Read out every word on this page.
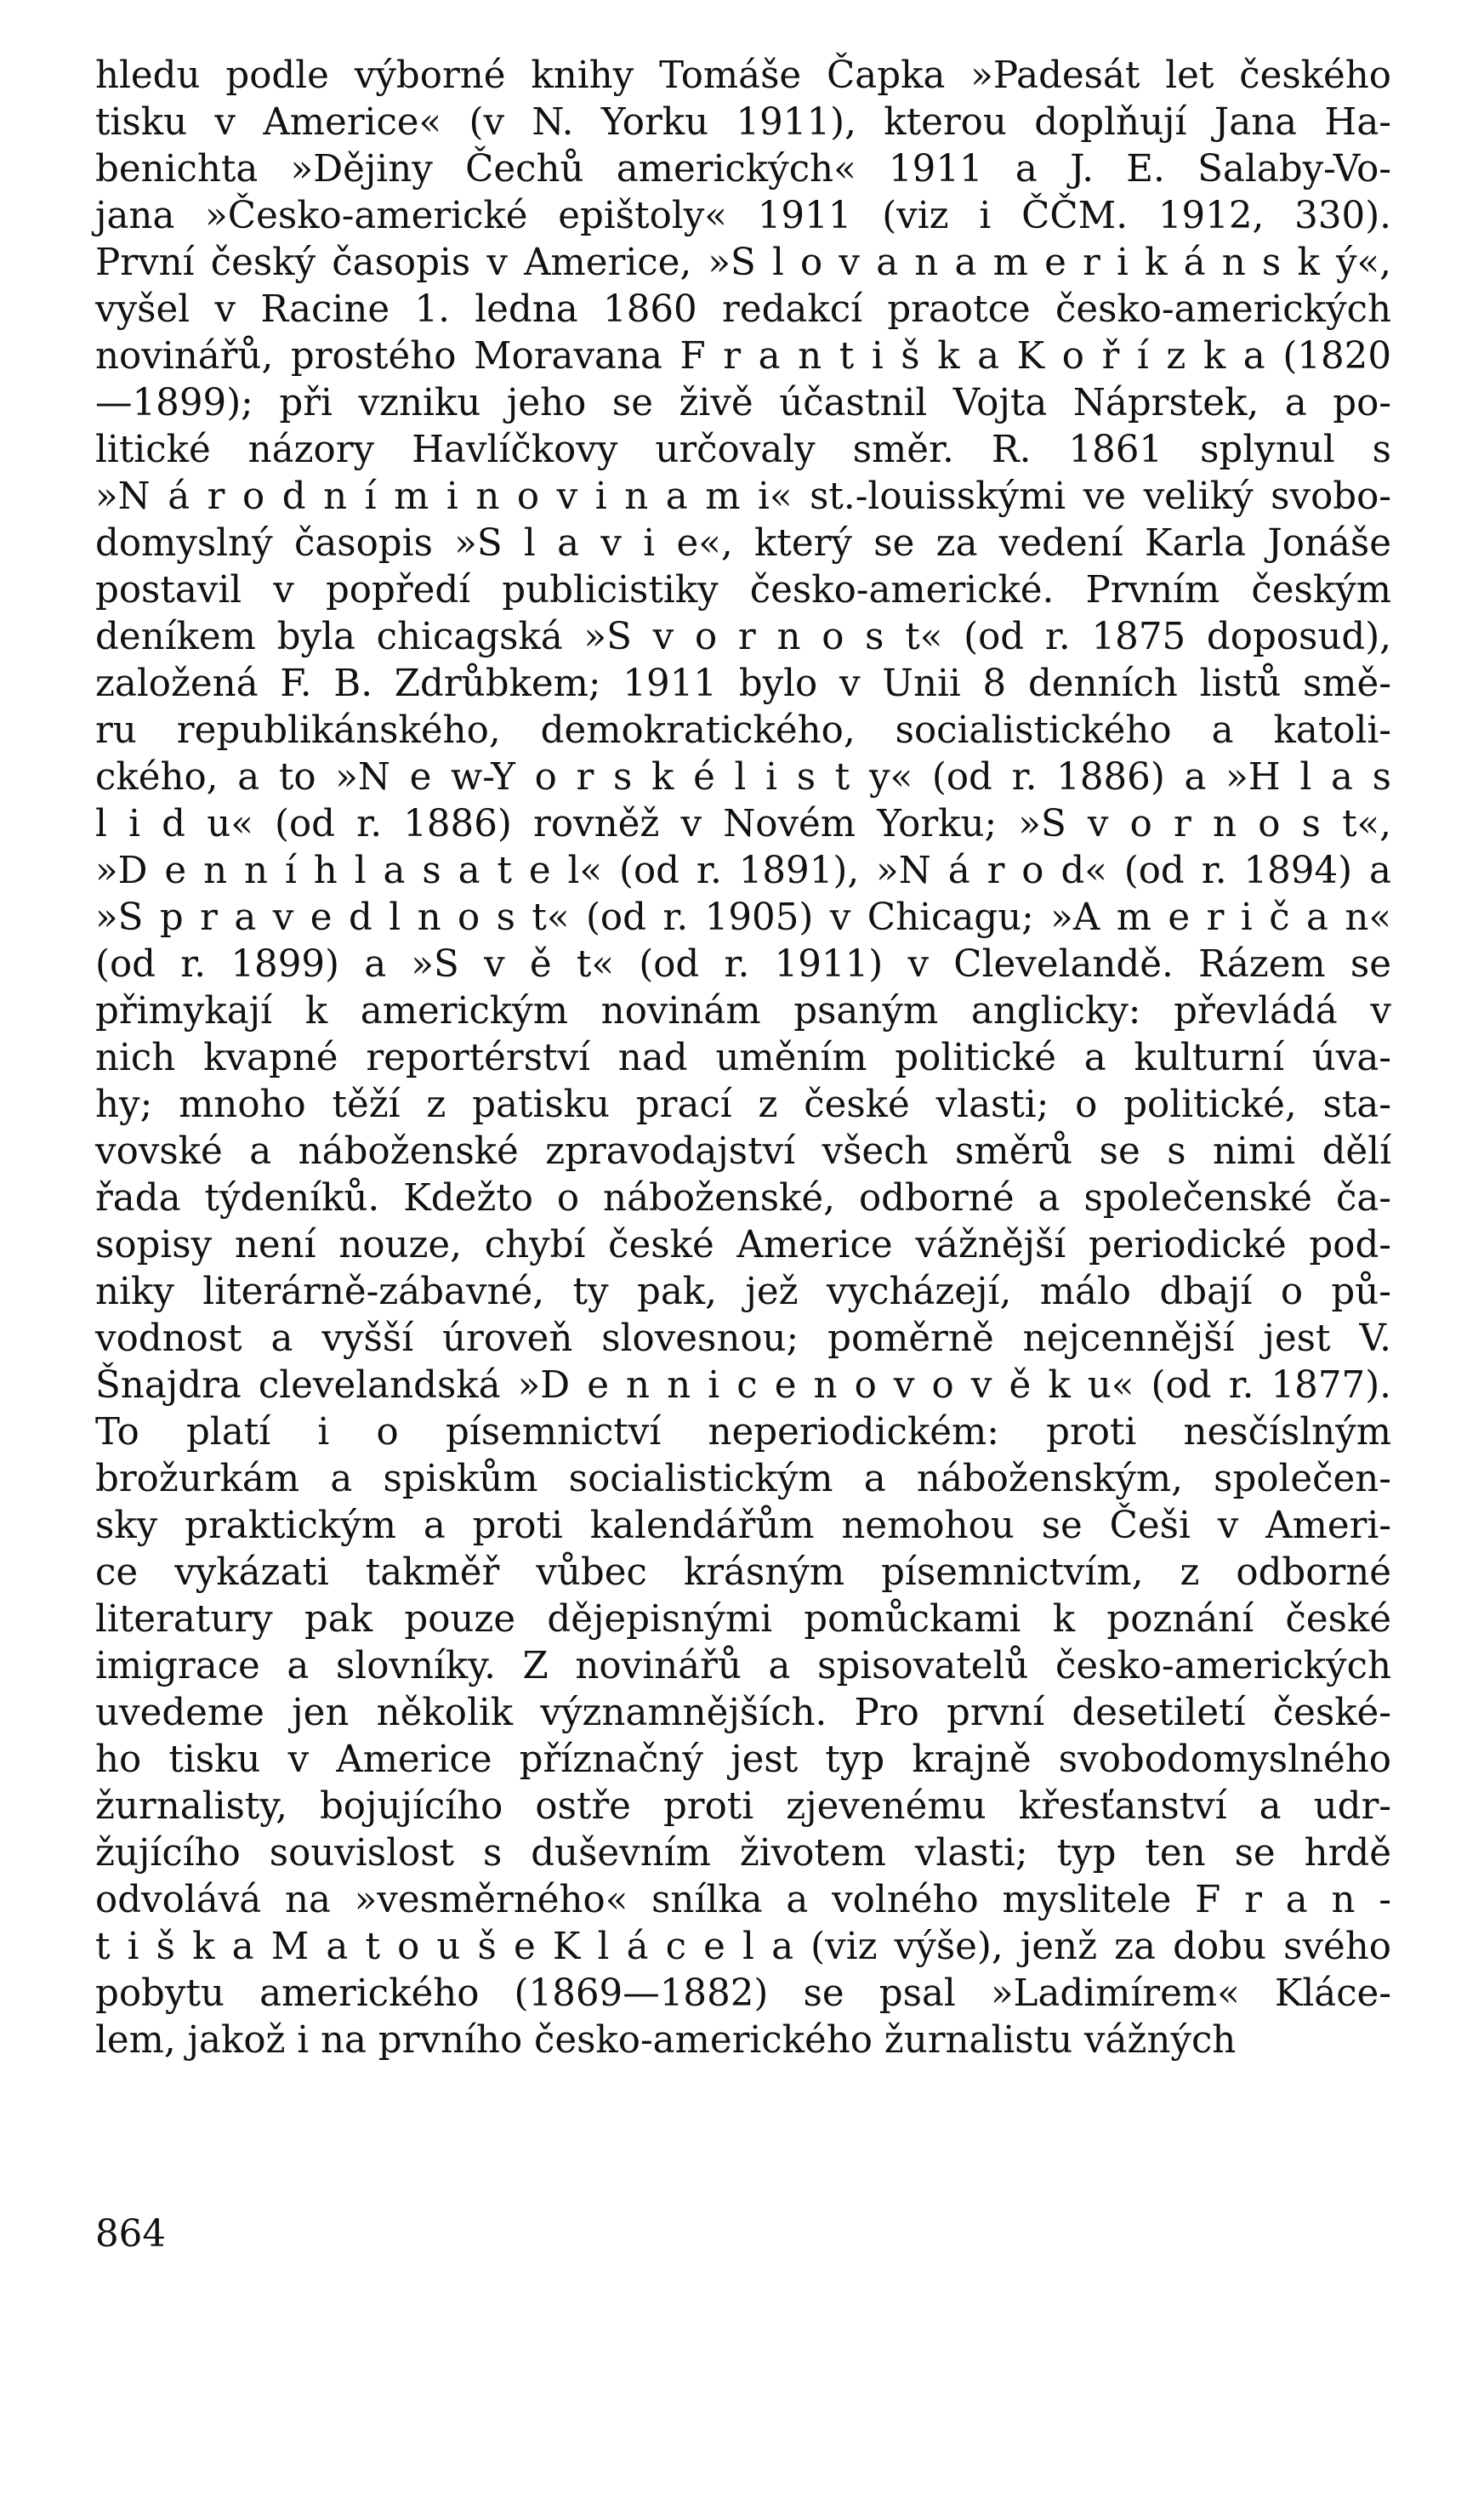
hledu podle výborné knihy Tomáše Čapka »Padesát let českého
tisku v Americe« (v N. Yorku 1911), kterou doplňují Jana Ha-
benichta »Dějiny Čechů amerických« 1911 a J. E. Salaby-Vo-
jana »Česko-americké epištoly« 1911 (viz i ČČM. 1912, 330).
První český časopis v Americe, »S l o v a n a m e r i k á n s k ý«,
vyšel v Racine 1. ledna 1860 redakcí praotce česko-amerických
novinářů, prostého Moravana F r a n t i š k a K o ř í z k a (1820
—1899); při vzniku jeho se živě účastnil Vojta Náprstek, a po-
litické názory Havlíčkovy určovaly směr. R. 1861 splynul s
»N á r o d n í m i n o v i n a m i« st.-louisskými ve veliký svobo-
domyslný časopis »S l a v i e«, který se za vedení Karla Jonáše
postavil v popředí publicistiky česko-americké. Prvním českým
deníkem byla chicagská »S v o r n o s t« (od r. 1875 doposud),
založená F. B. Zdrůbkem; 1911 bylo v Unii 8 denních listů smě-
ru republikánského, demokratického, socialistického a katoli-
ckého, a to »N e w-Y o r s k é l i s t y« (od r. 1886) a »H l a s
l i d u« (od r. 1886) rovněž v Novém Yorku; »S v o r n o s t«,
»D e n n í h l a s a t e l« (od r. 1891), »N á r o d« (od r. 1894) a
»S p r a v e d l n o s t« (od r. 1905) v Chicagu; »A m e r i č a n«
(od r. 1899) a »S v ě t« (od r. 1911) v Clevelandě. Rázem se
přimykají k americkým novinám psaným anglicky: převládá v
nich kvapné reportérství nad uměním politické a kulturní úva-
hy; mnoho těží z patisku prací z české vlasti; o politické, sta-
vovské a náboženské zpravodajství všech směrů se s nimi dělí
řada týdeníků. Kdežto o náboženské, odborné a společenské ča-
sopisy není nouze, chybí české Americe vážnější periodické pod-
niky literárně-zábavné, ty pak, jež vycházejí, málo dbají o pů-
vodnost a vyšší úroveň slovesnou; poměrně nejcennější jest V.
Šnajdra clevelandská »D e n n i c e n o v o v ě k u« (od r. 1877).
To platí i o písemnictví neperiodickém: proti nesčíslným
brožurkám a spiskům socialistickým a náboženským, společen-
sky praktickým a proti kalendářům nemohou se Češi v Ameri-
ce vykázati takměř vůbec krásným písemnictvím, z odborné
literatury pak pouze dějepisnými pomůckami k poznání české
imigrace a slovníky. Z novinářů a spisovatelů česko-amerických
uvedeme jen několik významnějších. Pro první desetiletí české-
ho tisku v Americe příznačný jest typ krajně svobodomyslného
žurnalisty, bojujícího ostře proti zjevenému křesťanství a udr-
žujícího souvislost s duševním životem vlasti; typ ten se hrdě
odvolává na »vesměrného« snílka a volného myslitele F r a n -
t i š k a M a t o u š e K l á c e l a (viz výše), jenž za dobu svého
pobytu amerického (1869—1882) se psal »Ladimírem« Kláce-
lem, jakož i na prvního česko-amerického žurnalistu vážných
864
